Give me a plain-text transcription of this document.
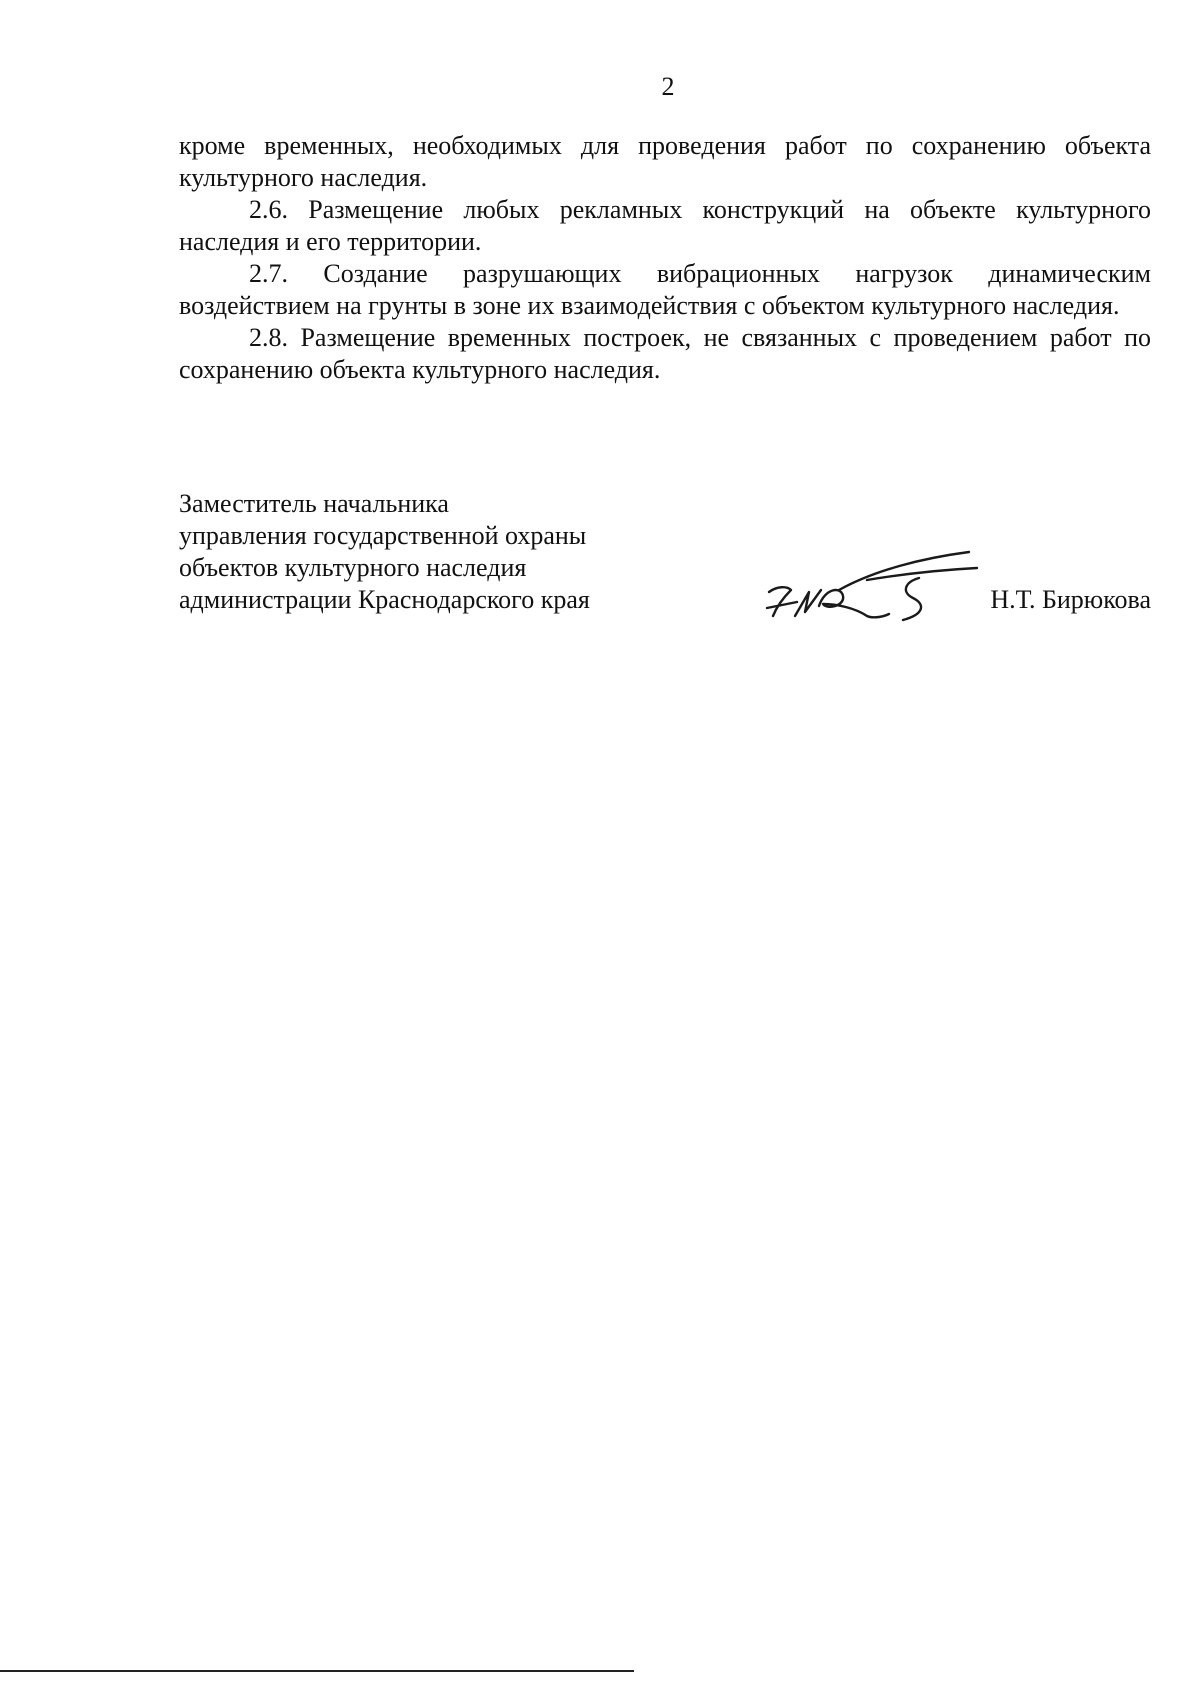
2

кроме временных, необходимых для проведения работ по сохранению объекта культурного наследия.

2.6. Размещение любых рекламных конструкций на объекте культурного наследия и его территории.

2.7. Создание разрушающих вибрационных нагрузок динамическим воздействием на грунты в зоне их взаимодействия с объектом культурного наследия.

2.8. Размещение временных построек, не связанных с проведением работ по сохранению объекта культурного наследия.

Заместитель начальника
управления государственной охраны
объектов культурного наследия
администрации Краснодарского края	Н.Т. Бирюкова
